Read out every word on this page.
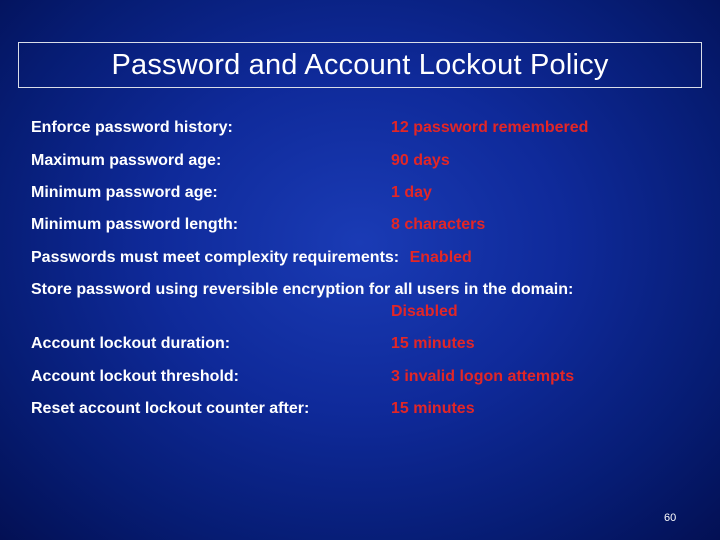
Password and Account Lockout Policy
Enforce password history:	12 password remembered
Maximum password age:	90 days
Minimum password age:	1 day
Minimum password length:	8 characters
Passwords must meet complexity requirements: Enabled
Store password using reversible encryption for all users in the domain:
Disabled
Account lockout duration:	15 minutes
Account lockout threshold:	3 invalid logon attempts
Reset account lockout counter after:	15 minutes
60
